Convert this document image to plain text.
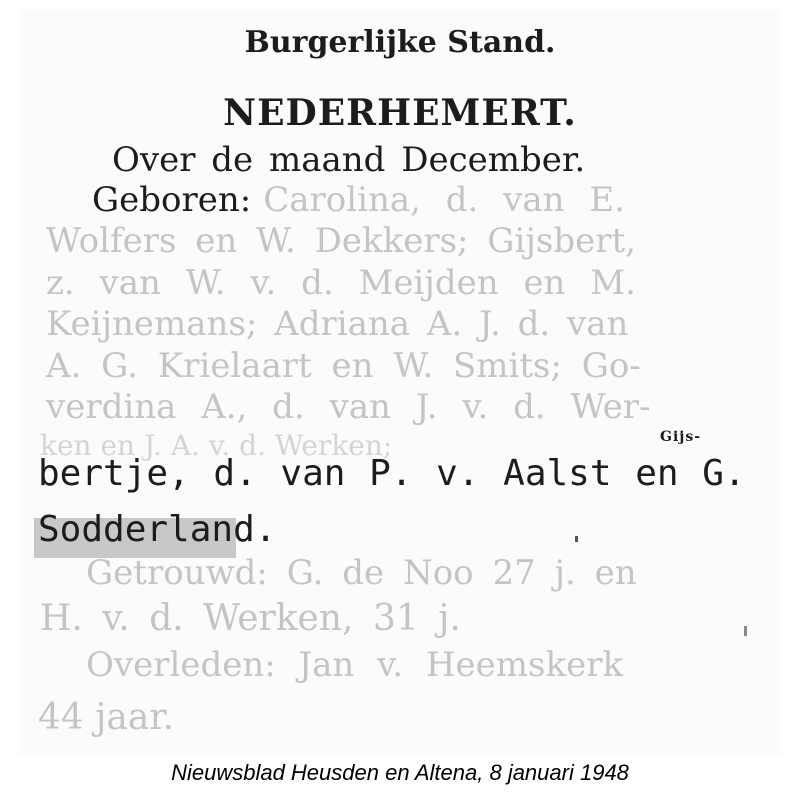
Burgerlijke Stand.
NEDERHEMERT.
Over de maand December.
Geboren: Carolina, d. van E.
Wolfers en W. Dekkers; Gijsbert,
z. van W. v. d. Meijden en M.
Keijnemans; Adriana A. J. d. van
A. G. Krielaart en W. Smits; Go-
verdina A., d. van J. v. d. Wer-
ken en J. A. v. d. Werken;	Gijs-
bertje, d. van P. v. Aalst en G.
Sodderland.
Getrouwd: G. de Noo 27 j. en
H. v. d. Werken, 31 j.
Overleden: Jan v. Heemskerk
44 jaar.
Nieuwsblad Heusden en Altena, 8 januari 1948
